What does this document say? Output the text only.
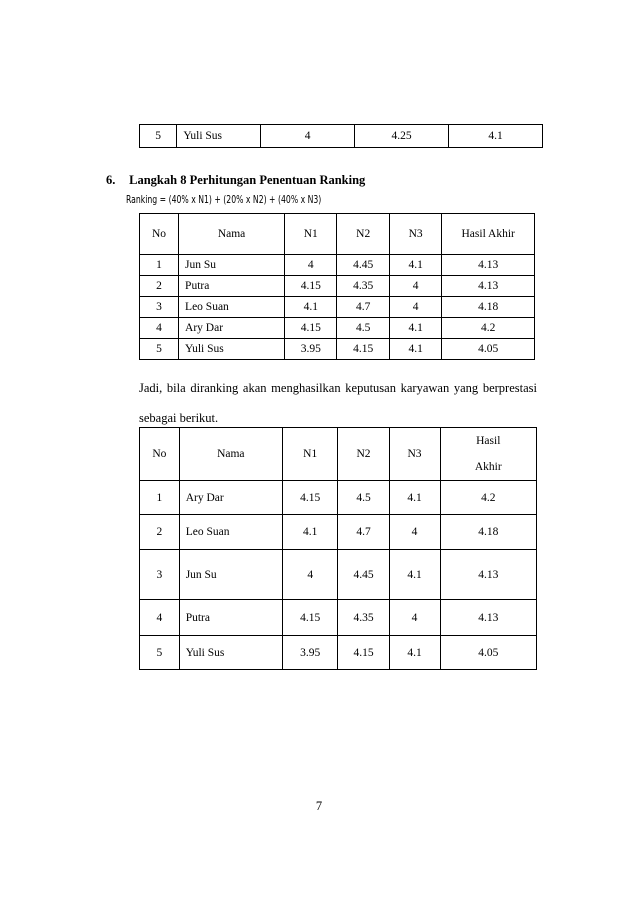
5	Yuli Sus	4	4.25	4.1
6. Langkah 8 Perhitungan Penentuan Ranking
Ranking = (40% x N1) + (20% x N2) + (40% x N3)
No	Nama	N1	N2	N3	Hasil Akhir
1	Jun Su	4	4.45	4.1	4.13
2	Putra	4.15	4.35	4	4.13
3	Leo Suan	4.1	4.7	4	4.18
4	Ary Dar	4.15	4.5	4.1	4.2
5	Yuli Sus	3.95	4.15	4.1	4.05
Jadi, bila diranking akan menghasilkan keputusan karyawan yang berprestasi
sebagai berikut.
No	Nama	N1	N2	N3	Hasil
Akhir

1	Ary Dar	4.15	4.5	4.1	4.2
2	Leo Suan	4.1	4.7	4	4.18
3	Jun Su	4	4.45	4.1	4.13
4	Putra	4.15	4.35	4	4.13
5	Yuli Sus	3.95	4.15	4.1	4.05
7
